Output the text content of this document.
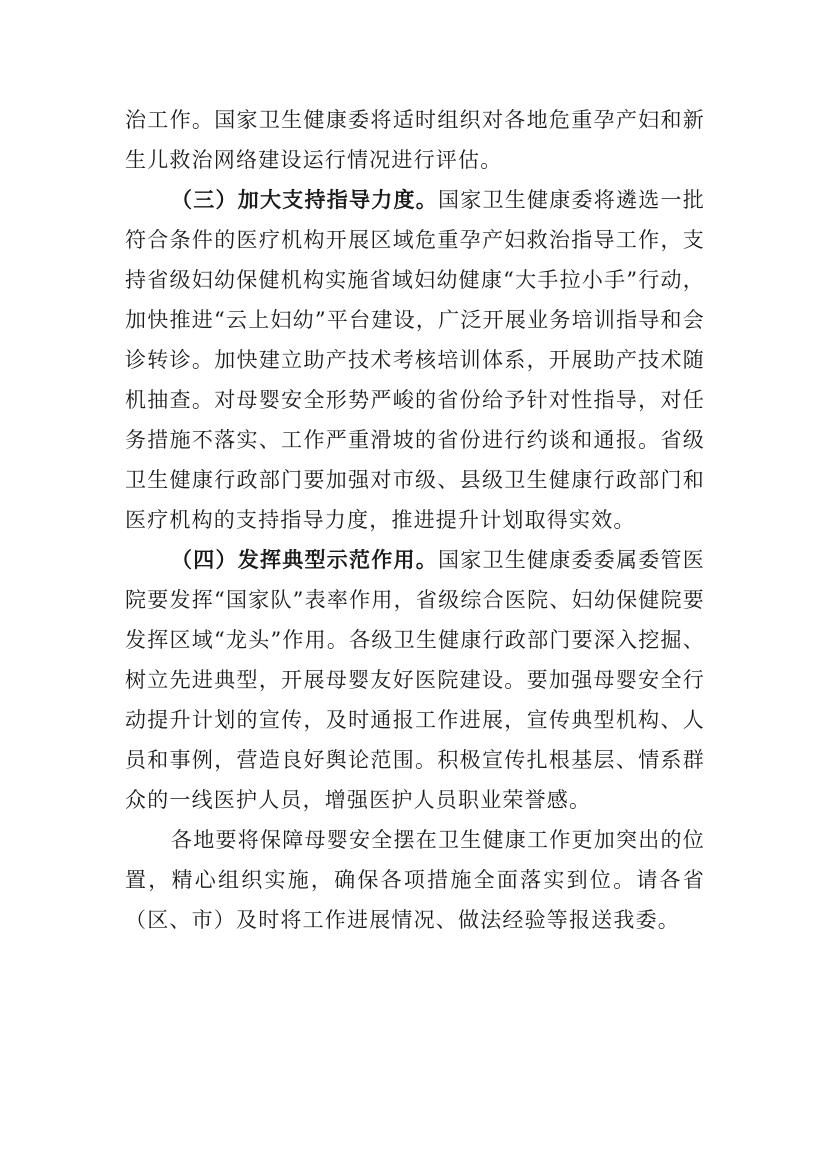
治工作。国家卫生健康委将适时组织对各地危重孕产妇和新生儿救治网络建设运行情况进行评估。

（三）加大支持指导力度。国家卫生健康委将遴选一批符合条件的医疗机构开展区域危重孕产妇救治指导工作，支持省级妇幼保健机构实施省域妇幼健康“大手拉小手”行动，加快推进“云上妇幼”平台建设，广泛开展业务培训指导和会诊转诊。加快建立助产技术考核培训体系，开展助产技术随机抽查。对母婴安全形势严峻的省份给予针对性指导，对任务措施不落实、工作严重滑坡的省份进行约谈和通报。省级卫生健康行政部门要加强对市级、县级卫生健康行政部门和医疗机构的支持指导力度，推进提升计划取得实效。

（四）发挥典型示范作用。国家卫生健康委委属委管医院要发挥“国家队”表率作用，省级综合医院、妇幼保健院要发挥区域“龙头”作用。各级卫生健康行政部门要深入挖掘、树立先进典型，开展母婴友好医院建设。要加强母婴安全行动提升计划的宣传，及时通报工作进展，宣传典型机构、人员和事例，营造良好舆论范围。积极宣传扎根基层、情系群众的一线医护人员，增强医护人员职业荣誉感。

各地要将保障母婴安全摆在卫生健康工作更加突出的位置，精心组织实施，确保各项措施全面落实到位。请各省（区、市）及时将工作进展情况、做法经验等报送我委。
